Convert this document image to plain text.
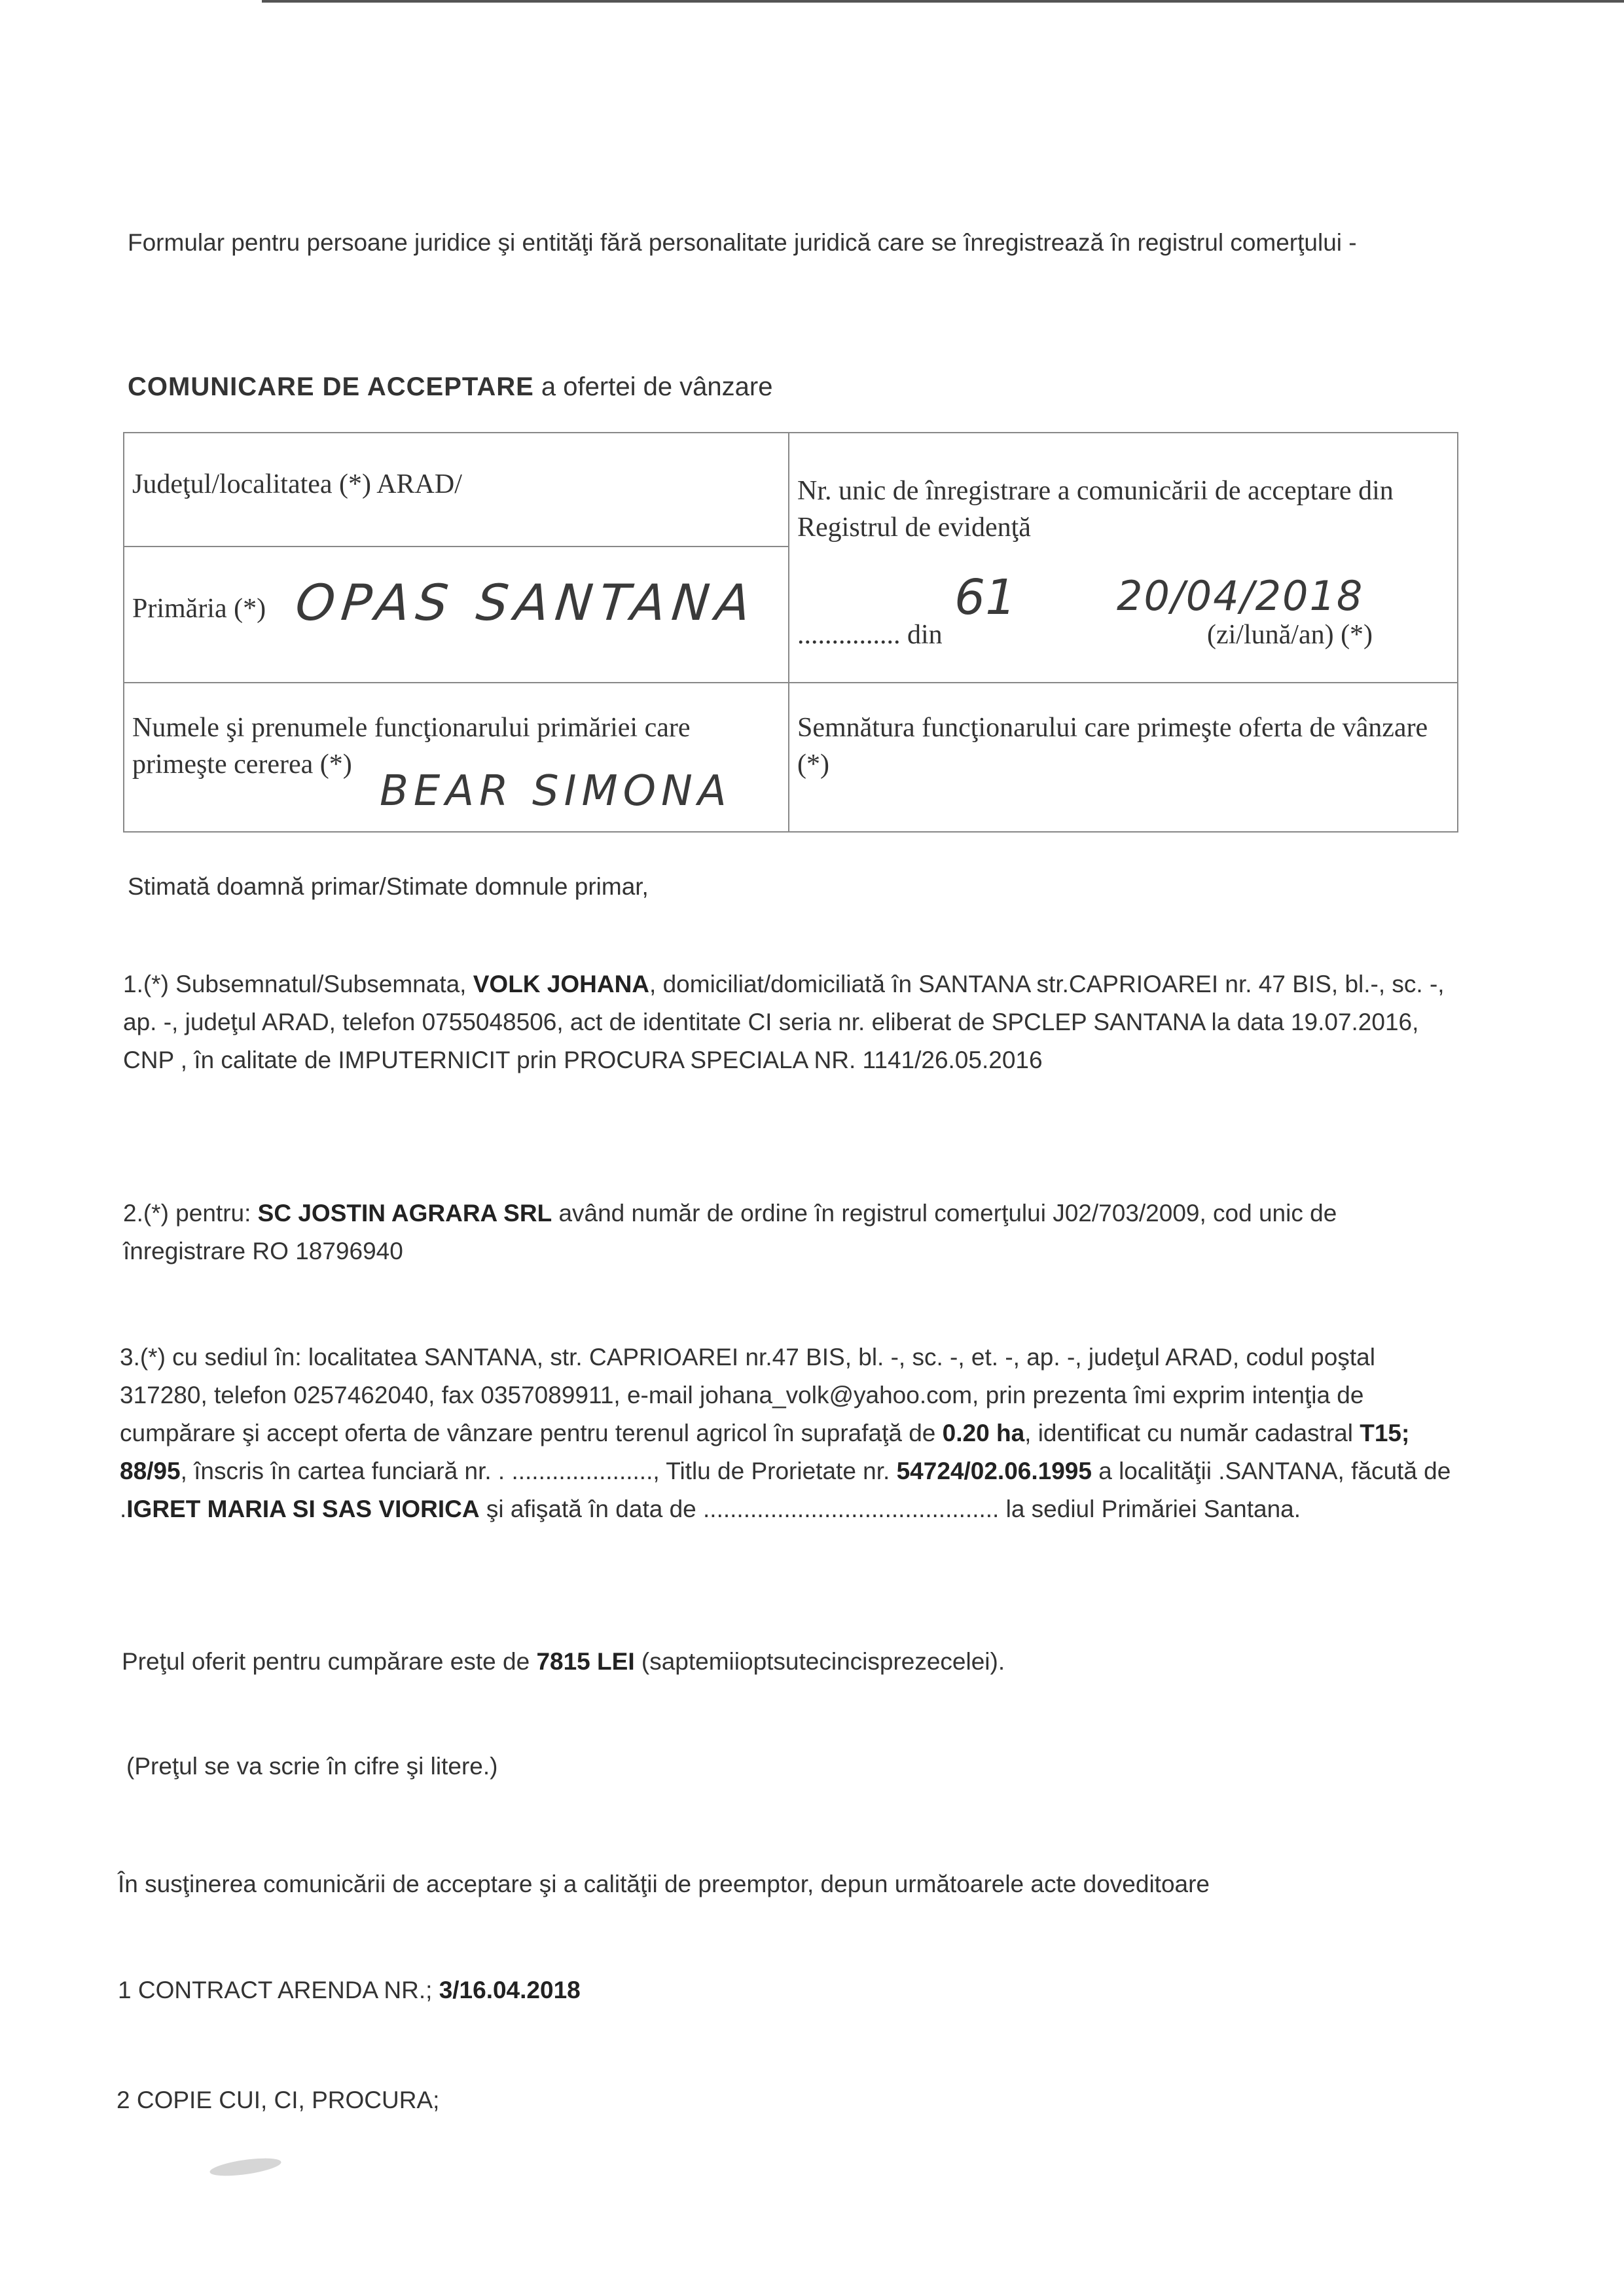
Formular pentru persoane juridice şi entităţi fără personalitate juridică care se înregistrează în registrul comerţului -
COMUNICARE DE ACCEPTARE a ofertei de vânzare
Judeţul/localitatea (*) ARAD/
Primăria (*) OPAS SANTANA
Numele şi prenumele funcţionarului primăriei care primeşte cererea (*)
BEAR SIMONA
Nr. unic de înregistrare a comunicării de acceptare din Registrul de evidenţă
............... din
61 20/04/2018
(zi/lună/an) (*)
Semnătura funcţionarului care primeşte oferta de vânzare (*)
Stimată doamnă primar/Stimate domnule primar,
1.(*) Subsemnatul/Subsemnata, VOLK JOHANA, domiciliat/domiciliată în SANTANA str.CAPRIOAREI nr. 47 BIS, bl.-, sc. -, ap. -, judeţul ARAD, telefon 0755048506, act de identitate CI seria nr. eliberat de SPCLEP SANTANA la data 19.07.2016, CNP , în calitate de IMPUTERNICIT prin PROCURA SPECIALA NR. 1141/26.05.2016
2.(*) pentru: SC JOSTIN AGRARA SRL având număr de ordine în registrul comerţului J02/703/2009, cod unic de înregistrare RO 18796940
3.(*) cu sediul în: localitatea SANTANA, str. CAPRIOAREI nr.47 BIS, bl. -, sc. -, et. -, ap. -, judeţul ARAD, codul poştal 317280, telefon 0257462040, fax 0357089911, e-mail johana_volk@yahoo.com, prin prezenta îmi exprim intenţia de cumpărare şi accept oferta de vânzare pentru terenul agricol în suprafaţă de 0.20 ha, identificat cu număr cadastral T15; 88/95, înscris în cartea funciară nr. . ....................., Titlu de Prorietate nr. 54724/02.06.1995 a localităţii .SANTANA, făcută de .IGRET MARIA SI SAS VIORICA şi afişată în data de ............................................ la sediul Primăriei Santana.
Preţul oferit pentru cumpărare este de 7815 LEI (saptemiioptsutecincisprezecelei).
(Preţul se va scrie în cifre şi litere.)
În susţinerea comunicării de acceptare şi a calităţii de preemptor, depun următoarele acte doveditoare
1 CONTRACT ARENDA NR.; 3/16.04.2018
2 COPIE CUI, CI, PROCURA;
